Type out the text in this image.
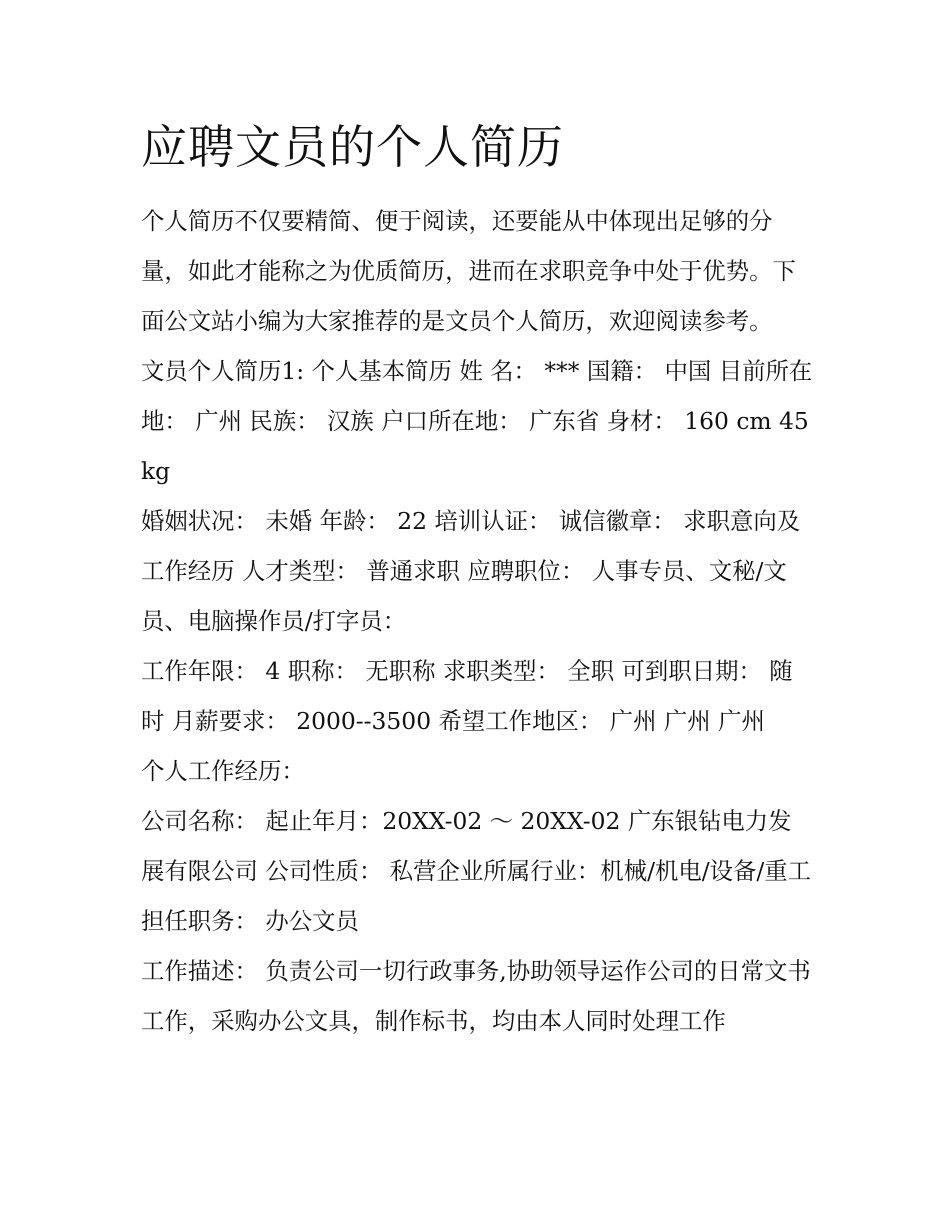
应聘文员的个人简历

个人简历不仅要精简、便于阅读，还要能从中体现出足够的分量，如此才能称之为优质简历，进而在求职竞争中处于优势。下面公文站小编为大家推荐的是文员个人简历，欢迎阅读参考。

文员个人简历1: 个人基本简历 姓 名： *** 国籍： 中国 目前所在地： 广州 民族： 汉族 户口所在地： 广东省 身材： 160 cm 45 kg

婚姻状况： 未婚 年龄： 22 培训认证： 诚信徽章： 求职意向及工作经历 人才类型： 普通求职 应聘职位： 人事专员、文秘/文员、电脑操作员/打字员：

工作年限： 4 职称： 无职称 求职类型： 全职 可到职日期： 随时 月薪要求： 2000--3500 希望工作地区： 广州 广州 广州

个人工作经历：

公司名称： 起止年月：20XX-02 ～ 20XX-02 广东银钻电力发展有限公司 公司性质： 私营企业所属行业：机械/机电/设备/重工 担任职务： 办公文员

工作描述： 负责公司一切行政事务,协助领导运作公司的日常文书工作，采购办公文具，制作标书，均由本人同时处理工作
